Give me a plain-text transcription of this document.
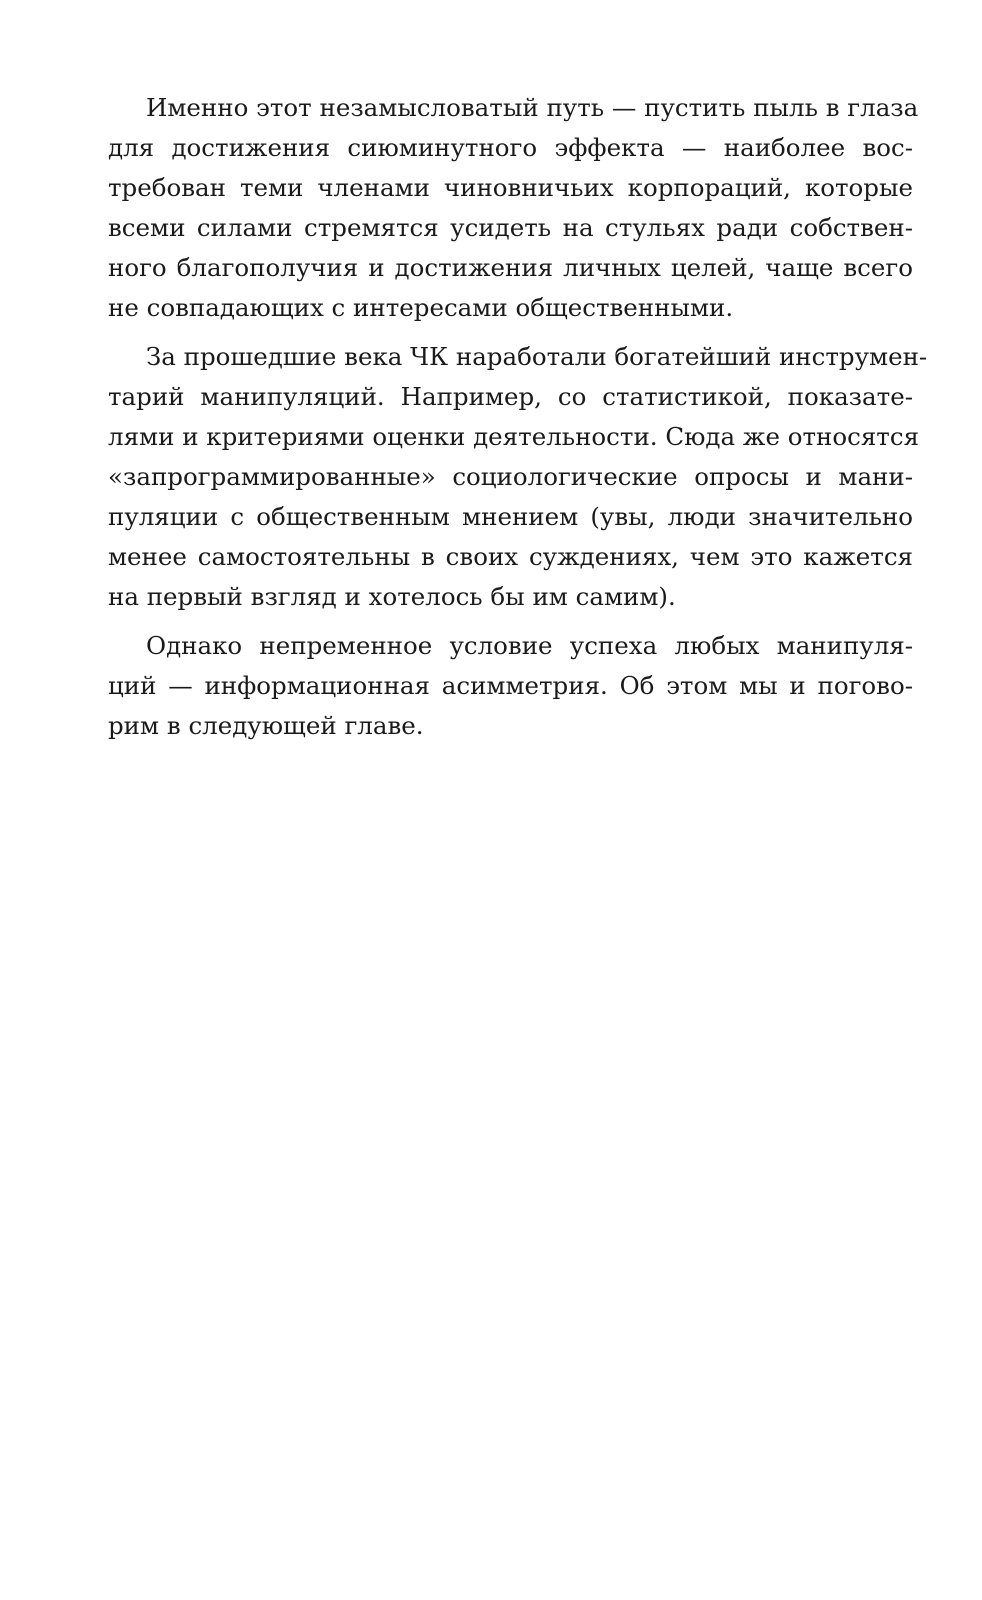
Именно этот незамысловатый путь — пустить пыль в глаза
для достижения сиюминутного эффекта — наиболее вос-
требован теми членами чиновничьих корпораций, которые
всеми силами стремятся усидеть на стульях ради собствен-
ного благополучия и достижения личных целей, чаще всего
не совпадающих с интересами общественными.

За прошедшие века ЧК наработали богатейший инструмен-
тарий манипуляций. Например, со статистикой, показате-
лями и критериями оценки деятельности. Сюда же относятся
«запрограммированные» социологические опросы и мани-
пуляции с общественным мнением (увы, люди значительно
менее самостоятельны в своих суждениях, чем это кажется
на первый взгляд и хотелось бы им самим).

Однако непременное условие успеха любых манипуля-
ций — информационная асимметрия. Об этом мы и погово-
рим в следующей главе.
